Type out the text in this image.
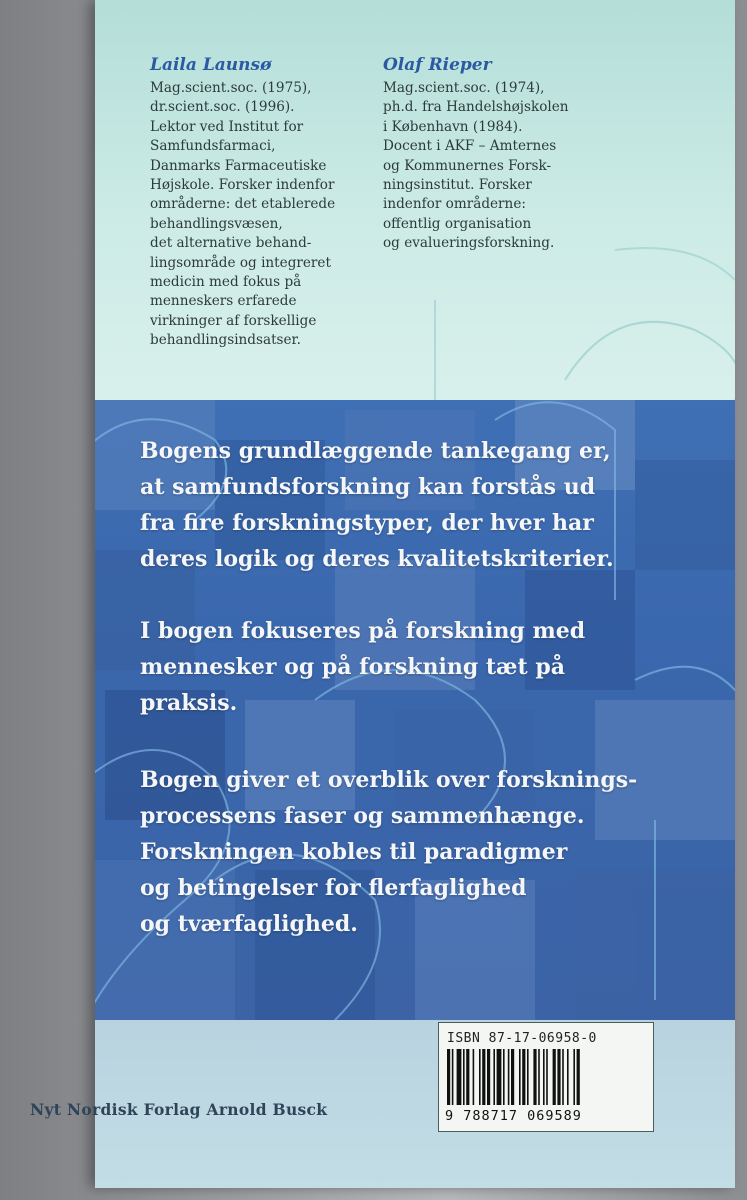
Laila Launsø
Mag.scient.soc. (1975),
dr.scient.soc. (1996).
Lektor ved Institut for
Samfundsfarmaci,
Danmarks Farmaceutiske
Højskole. Forsker indenfor
områderne: det etablerede
behandlingsvæsen,
det alternative behand-
lingsområde og integreret
medicin med fokus på
menneskers erfarede
virkninger af forskellige
behandlingsindsatser.
Olaf Rieper
Mag.scient.soc. (1974),
ph.d. fra Handelshøjskolen
i København (1984).
Docent i AKF – Amternes
og Kommunernes Forsk-
ningsinstitut. Forsker
indenfor områderne:
offentlig organisation
og evalueringsforskning.
Bogens grundlæggende tankegang er,
at samfundsforskning kan forstås ud
fra fire forskningstyper, der hver har
deres logik og deres kvalitetskriterier.
I bogen fokuseres på forskning med
mennesker og på forskning tæt på
praksis.
Bogen giver et overblik over forsknings-
processens faser og sammenhænge.
Forskningen kobles til paradigmer
og betingelser for flerfaglighed
og tværfaglighed.
Nyt Nordisk Forlag Arnold Busck
ISBN 87-17-06958-0
9 788717 069589
